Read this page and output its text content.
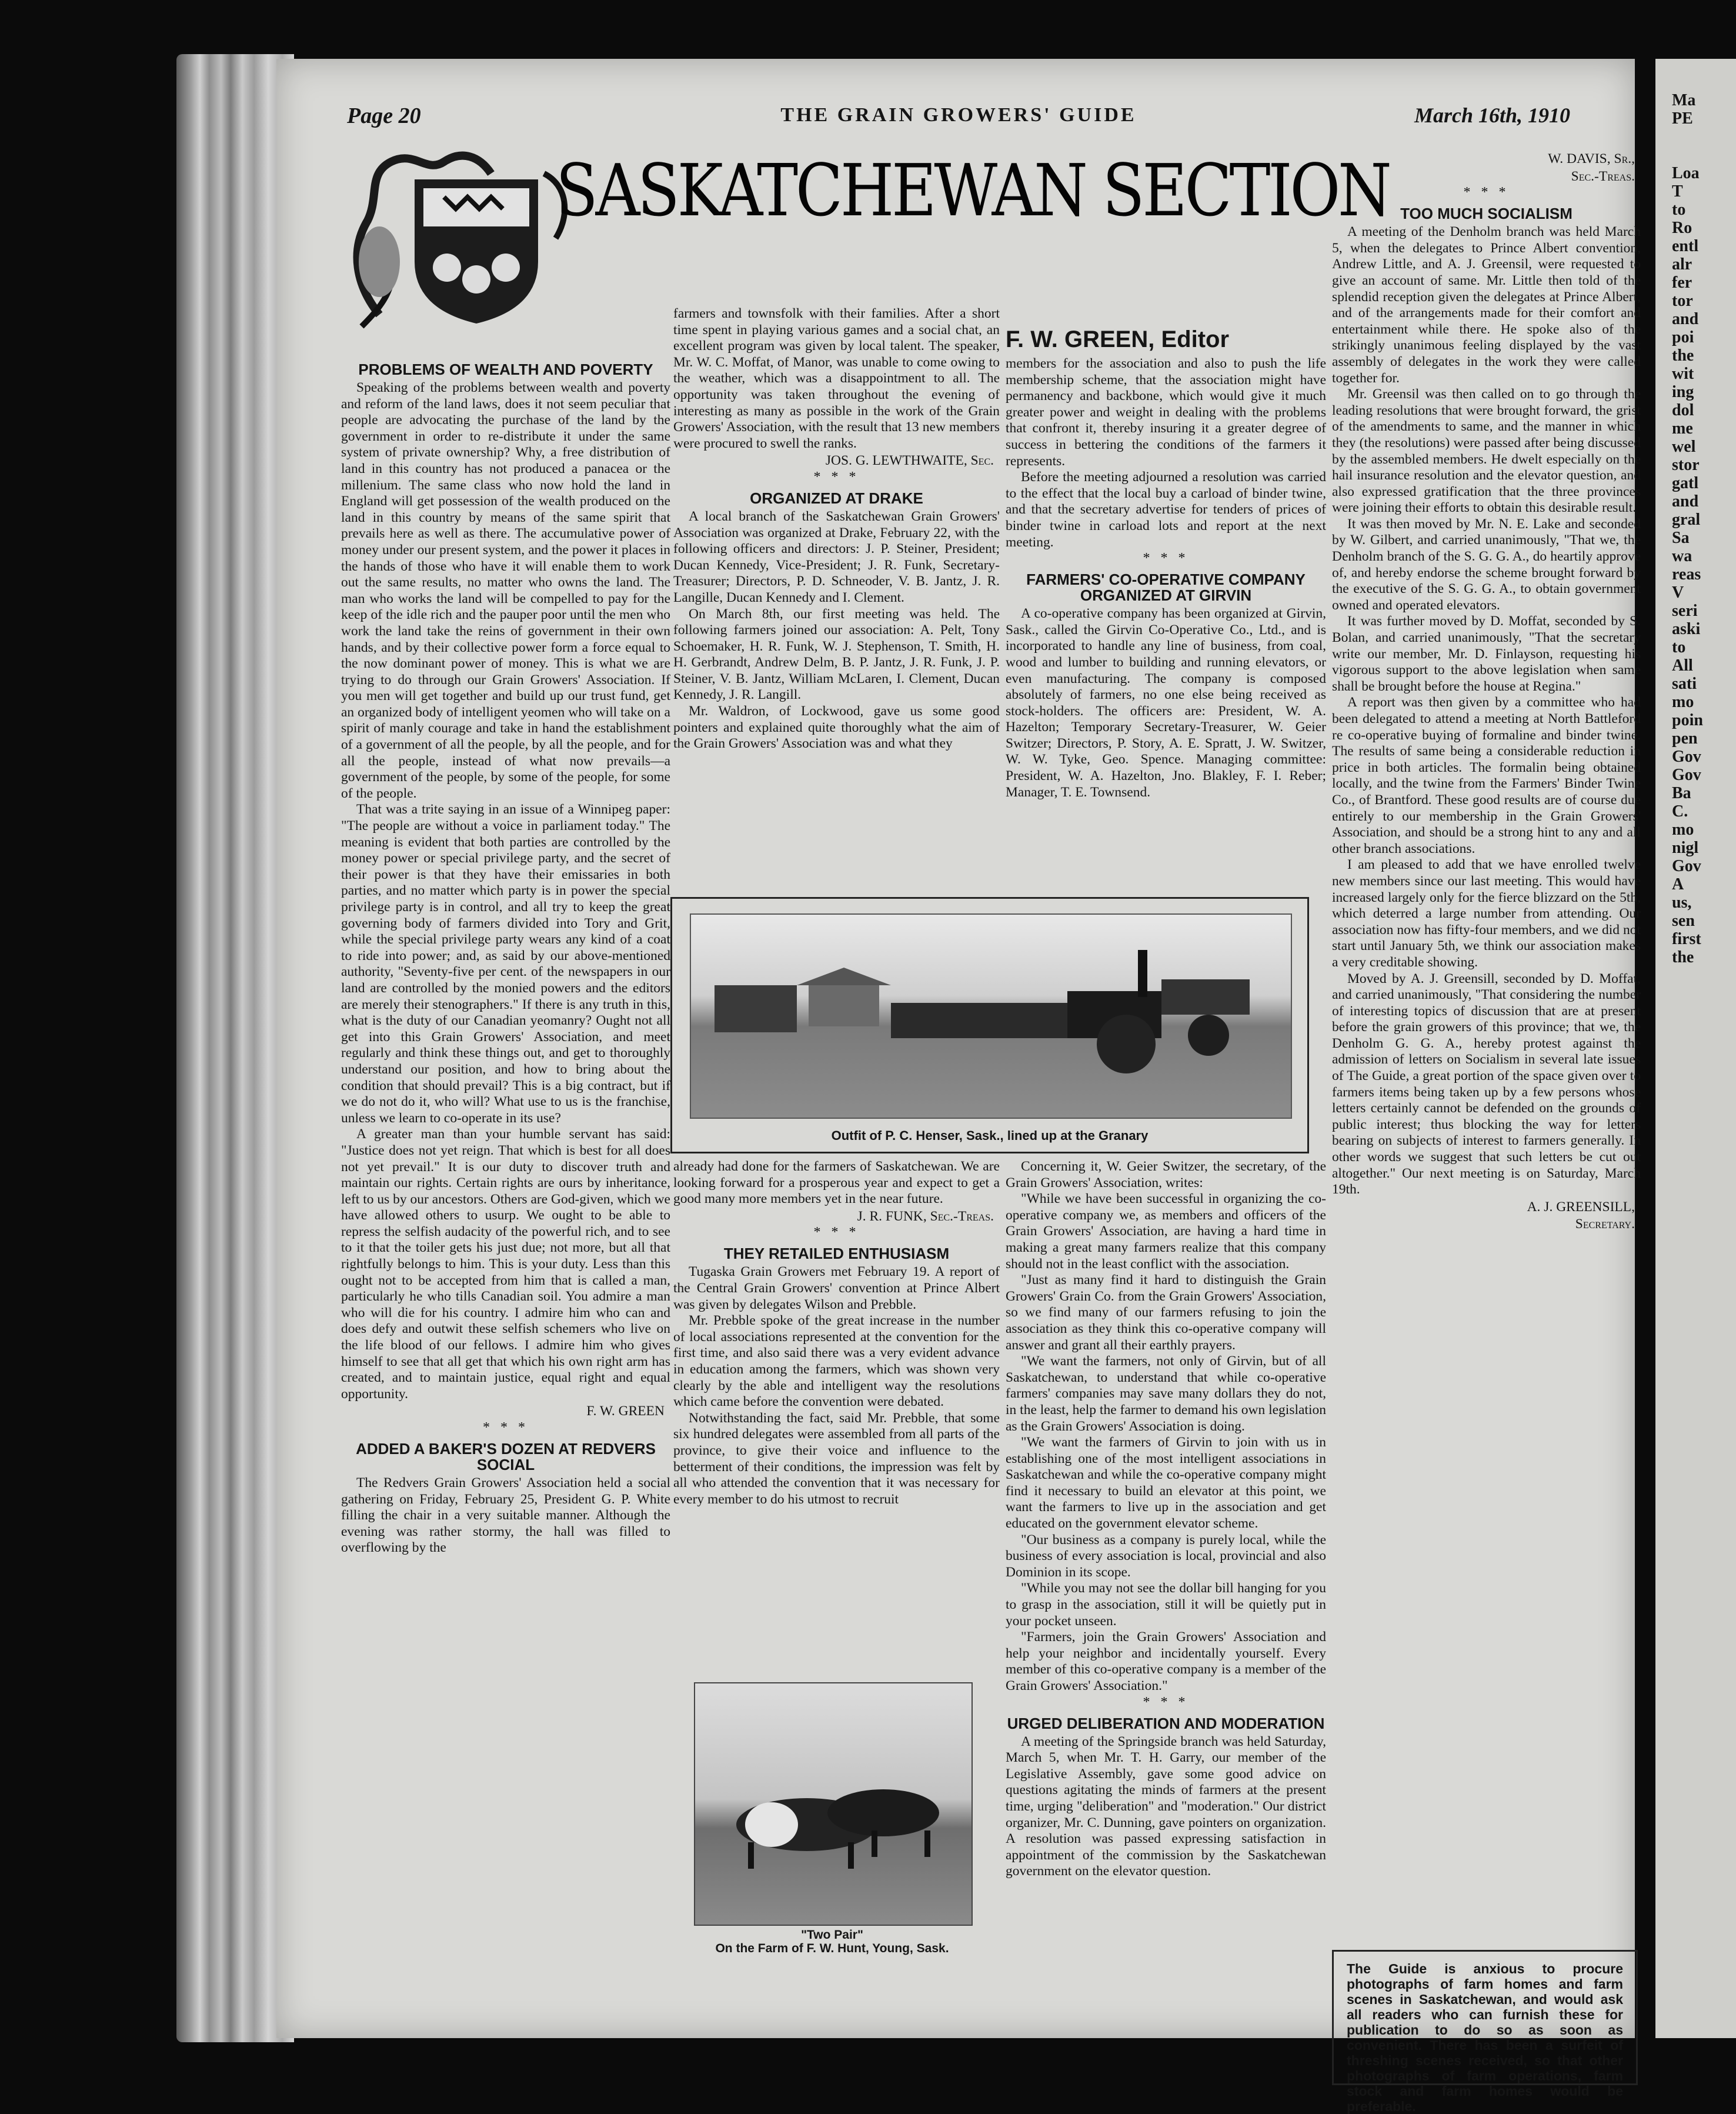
Ma
PE

Loa
T
to
Ro
entl
alr
fer
tor
and
poi
the
wit
ing
dol
me
wel
stor
gatl
and
gral
Sa
wa
reas
V
seri
aski
to
All
sati
mo
poin
pen
Gov
Gov
Ba
C.
mo
nigl
Gov
A
us,
sen
first
the
Page 20	THE GRAIN GROWERS' GUIDE	March 16th, 1910
SASKATCHEWAN SECTION
F. W. GREEN, Editor
PROBLEMS OF WEALTH AND POVERTY

Speaking of the problems between wealth and poverty and reform of the land laws, does it not seem peculiar that people are advocating the purchase of the land by the government in order to re-distribute it under the same system of private ownership? Why, a free distribution of land in this country has not produced a panacea or the millenium. The same class who now hold the land in England will get possession of the wealth produced on the land in this country by means of the same spirit that prevails here as well as there. The accumulative power of money under our present system, and the power it places in the hands of those who have it will enable them to work out the same results, no matter who owns the land. The man who works the land will be compelled to pay for the keep of the idle rich and the pauper poor until the men who work the land take the reins of government in their own hands, and by their collective power form a force equal to the now dominant power of money. This is what we are trying to do through our Grain Growers' Association. If you men will get together and build up our trust fund, get an organized body of intelligent yeomen who will take on a spirit of manly courage and take in hand the establishment of a government of all the people, by all the people, and for all the people, instead of what now prevails—a government of the people, by some of the people, for some of the people.

That was a trite saying in an issue of a Winnipeg paper: "The people are without a voice in parliament today." The meaning is evident that both parties are controlled by the money power or special privilege party, and the secret of their power is that they have their emissaries in both parties, and no matter which party is in power the special privilege party is in control, and all try to keep the great governing body of farmers divided into Tory and Grit, while the special privilege party wears any kind of a coat to ride into power; and, as said by our above-mentioned authority, "Seventy-five per cent. of the newspapers in our land are controlled by the monied powers and the editors are merely their stenographers." If there is any truth in this, what is the duty of our Canadian yeomanry? Ought not all get into this Grain Growers' Association, and meet regularly and think these things out, and get to thoroughly understand our position, and how to bring about the condition that should prevail? This is a big contract, but if we do not do it, who will? What use to us is the franchise, unless we learn to co-operate in its use?

A greater man than your humble servant has said: "Justice does not yet reign. That which is best for all does not yet prevail." It is our duty to discover truth and maintain our rights. Certain rights are ours by inheritance, left to us by our ancestors. Others are God-given, which we have allowed others to usurp. We ought to be able to repress the selfish audacity of the powerful rich, and to see to it that the toiler gets his just due; not more, but all that rightfully belongs to him. This is your duty. Less than this ought not to be accepted from him that is called a man, particularly he who tills Canadian soil. You admire a man who will die for his country. I admire him who can and does defy and outwit these selfish schemers who live on the life blood of our fellows. I admire him who gives himself to see that all get that which his own right arm has created, and to maintain justice, equal right and equal opportunity.

F. W. GREEN

* * *

ADDED A BAKER'S DOZEN AT REDVERS SOCIAL

The Redvers Grain Growers' Association held a social gathering on Friday, February 25, President G. P. White filling the chair in a very suitable manner. Although the evening was rather stormy, the hall was filled to overflowing by the

farmers and townsfolk with their families. After a short time spent in playing various games and a social chat, an excellent program was given by local talent. The speaker, Mr. W. C. Moffat, of Manor, was unable to come owing to the weather, which was a disappointment to all. The opportunity was taken throughout the evening of interesting as many as possible in the work of the Grain Growers' Association, with the result that 13 new members were procured to swell the ranks.

JOS. G. LEWTHWAITE, Sec.

* * *

ORGANIZED AT DRAKE

A local branch of the Saskatchewan Grain Growers' Association was organized at Drake, February 22, with the following officers and directors: J. P. Steiner, President; Ducan Kennedy, Vice-President; J. R. Funk, Secretary-Treasurer; Directors, P. D. Schneoder, V. B. Jantz, J. R. Langille, Ducan Kennedy and I. Clement.

On March 8th, our first meeting was held. The following farmers joined our association: A. Pelt, Tony Schoemaker, H. R. Funk, W. J. Stephenson, T. Smith, H. H. Gerbrandt, Andrew Delm, B. P. Jantz, J. R. Funk, J. P. Steiner, V. B. Jantz, William McLaren, I. Clement, Ducan Kennedy, J. R. Langill.

Mr. Waldron, of Lockwood, gave us some good pointers and explained quite thoroughly what the aim of the Grain Growers' Association was and what they

members for the association and also to push the life membership scheme, that the association might have permanency and backbone, which would give it much greater power and weight in dealing with the problems that confront it, thereby insuring it a greater degree of success in bettering the conditions of the farmers it represents.

Before the meeting adjourned a resolution was carried to the effect that the local buy a carload of binder twine, and that the secretary advertise for tenders of prices of binder twine in carload lots and report at the next meeting.

* * *

FARMERS' CO-OPERATIVE COMPANY ORGANIZED AT GIRVIN

A co-operative company has been organized at Girvin, Sask., called the Girvin Co-Operative Co., Ltd., and is incorporated to handle any line of business, from coal, wood and lumber to building and running elevators, or even manufacturing. The company is composed absolutely of farmers, no one else being received as stock-holders. The officers are: President, W. A. Hazelton; Temporary Secretary-Treasurer, W. Geier Switzer; Directors, P. Story, A. E. Spratt, J. W. Switzer, W. W. Tyke, Geo. Spence. Managing committee: President, W. A. Hazelton, Jno. Blakley, F. I. Reber; Manager, T. E. Townsend.

Outfit of P. C. Henser, Sask., lined up at the Granary

already had done for the farmers of Saskatchewan. We are looking forward for a prosperous year and expect to get a good many more members yet in the near future.

J. R. FUNK, Sec.-Treas.

* * *

THEY RETAILED ENTHUSIASM

Tugaska Grain Growers met February 19. A report of the Central Grain Growers' convention at Prince Albert was given by delegates Wilson and Prebble.

Mr. Prebble spoke of the great increase in the number of local associations represented at the convention for the first time, and also said there was a very evident advance in education among the farmers, which was shown very clearly by the able and intelligent way the resolutions which came before the convention were debated.

Notwithstanding the fact, said Mr. Prebble, that some six hundred delegates were assembled from all parts of the province, to give their voice and influence to the betterment of their conditions, the impression was felt by all who attended the convention that it was necessary for every member to do his utmost to recruit

"Two Pair"
On the Farm of F. W. Hunt, Young, Sask.

Concerning it, W. Geier Switzer, the secretary, of the Grain Growers' Association, writes:

"While we have been successful in organizing the co-operative company we, as members and officers of the Grain Growers' Association, are having a hard time in making a great many farmers realize that this company should not in the least conflict with the association.

"Just as many find it hard to distinguish the Grain Growers' Grain Co. from the Grain Growers' Association, so we find many of our farmers refusing to join the association as they think this co-operative company will answer and grant all their earthly prayers.

"We want the farmers, not only of Girvin, but of all Saskatchewan, to understand that while co-operative farmers' companies may save many dollars they do not, in the least, help the farmer to demand his own legislation as the Grain Growers' Association is doing.

"We want the farmers of Girvin to join with us in establishing one of the most intelligent associations in Saskatchewan and while the co-operative company might find it necessary to build an elevator at this point, we want the farmers to live up in the association and get educated on the government elevator scheme.

"Our business as a company is purely local, while the business of every association is local, provincial and also Dominion in its scope.

"While you may not see the dollar bill hanging for you to grasp in the association, still it will be quietly put in your pocket unseen.

"Farmers, join the Grain Growers' Association and help your neighbor and incidentally yourself. Every member of this co-operative company is a member of the Grain Growers' Association."

* * *

URGED DELIBERATION AND MODERATION

A meeting of the Springside branch was held Saturday, March 5, when Mr. T. H. Garry, our member of the Legislative Assembly, gave some good advice on questions agitating the minds of farmers at the present time, urging "deliberation" and "moderation." Our district organizer, Mr. C. Dunning, gave pointers on organization. A resolution was passed expressing satisfaction in appointment of the commission by the Saskatchewan government on the elevator question.

W. DAVIS, Sr.,

Sec.-Treas.

* * *

TOO MUCH SOCIALISM

A meeting of the Denholm branch was held March 5, when the delegates to Prince Albert convention, Andrew Little, and A. J. Greensil, were requested to give an account of same. Mr. Little then told of the splendid reception given the delegates at Prince Albert, and of the arrangements made for their comfort and entertainment while there. He spoke also of the strikingly unanimous feeling displayed by the vast assembly of delegates in the work they were called together for.

Mr. Greensil was then called on to go through the leading resolutions that were brought forward, the grist of the amendments to same, and the manner in which they (the resolutions) were passed after being discussed by the assembled members. He dwelt especially on the hail insurance resolution and the elevator question, and also expressed gratification that the three provinces were joining their efforts to obtain this desirable result.

It was then moved by Mr. N. E. Lake and seconded by W. Gilbert, and carried unanimously, "That we, the Denholm branch of the S. G. G. A., do heartily approve of, and hereby endorse the scheme brought forward by the executive of the S. G. G. A., to obtain government owned and operated elevators.

It was further moved by D. Moffat, seconded by S. Bolan, and carried unanimously, "That the secretary write our member, Mr. D. Finlayson, requesting his vigorous support to the above legislation when same shall be brought before the house at Regina."

A report was then given by a committee who had been delegated to attend a meeting at North Battleford re co-operative buying of formaline and binder twine. The results of same being a considerable reduction in price in both articles. The formalin being obtained locally, and the twine from the Farmers' Binder Twine Co., of Brantford. These good results are of course due entirely to our membership in the Grain Growers' Association, and should be a strong hint to any and all other branch associations.

I am pleased to add that we have enrolled twelve new members since our last meeting. This would have increased largely only for the fierce blizzard on the 5th, which deterred a large number from attending. Our association now has fifty-four members, and we did not start until January 5th, we think our association makes a very creditable showing.

Moved by A. J. Greensill, seconded by D. Moffat, and carried unanimously, "That considering the number of interesting topics of discussion that are at present before the grain growers of this province; that we, the Denholm G. G. A., hereby protest against the admission of letters on Socialism in several late issues of The Guide, a great portion of the space given over to farmers items being taken up by a few persons whose letters certainly cannot be defended on the grounds of public interest; thus blocking the way for letters bearing on subjects of interest to farmers generally. In other words we suggest that such letters be cut out altogether." Our next meeting is on Saturday, March 19th.

A. J. GREENSILL,

Secretary.

The Guide is anxious to procure photographs of farm homes and farm scenes in Saskatchewan, and would ask all readers who can furnish these for publication to do so as soon as convenient. There has been a surfeit of threshing scenes received, so that other photographs of farm operations, farm stock and farm homes would be preferable.
